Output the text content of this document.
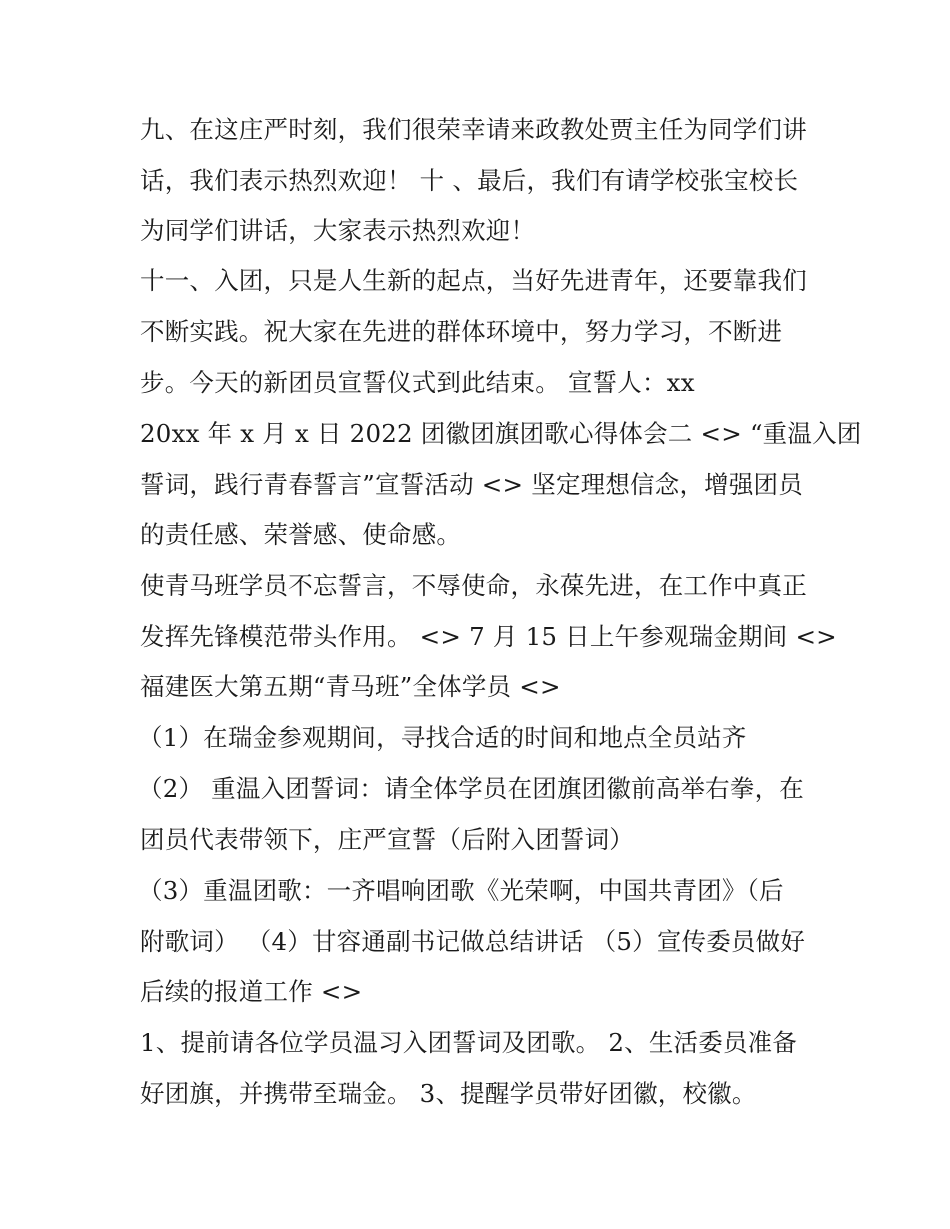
九、在这庄严时刻，我们很荣幸请来政教处贾主任为同学们讲
话，我们表示热烈欢迎！ 十 、最后，我们有请学校张宝校长
为同学们讲话，大家表示热烈欢迎！
十一、入团，只是人生新的起点，当好先进青年，还要靠我们
不断实践。祝大家在先进的群体环境中，努力学习，不断进
步。今天的新团员宣誓仪式到此结束。 宣誓人：xx
20xx 年 x 月 x 日 2022 团徽团旗团歌心得体会二 <> “重温入团
誓词，践行青春誓言”宣誓活动 <> 坚定理想信念，增强团员
的责任感、荣誉感、使命感。
使青马班学员不忘誓言，不辱使命，永葆先进，在工作中真正
发挥先锋模范带头作用。 <> 7 月 15 日上午参观瑞金期间 <>
福建医大第五期“青马班”全体学员 <>
（1）在瑞金参观期间，寻找合适的时间和地点全员站齐
（2） 重温入团誓词：请全体学员在团旗团徽前高举右拳，在
团员代表带领下，庄严宣誓（后附入团誓词）
（3）重温团歌：一齐唱响团歌《光荣啊，中国共青团》（后
附歌词） （4）甘容通副书记做总结讲话 （5）宣传委员做好
后续的报道工作 <>
1、提前请各位学员温习入团誓词及团歌。 2、生活委员准备
好团旗，并携带至瑞金。 3、提醒学员带好团徽，校徽。
